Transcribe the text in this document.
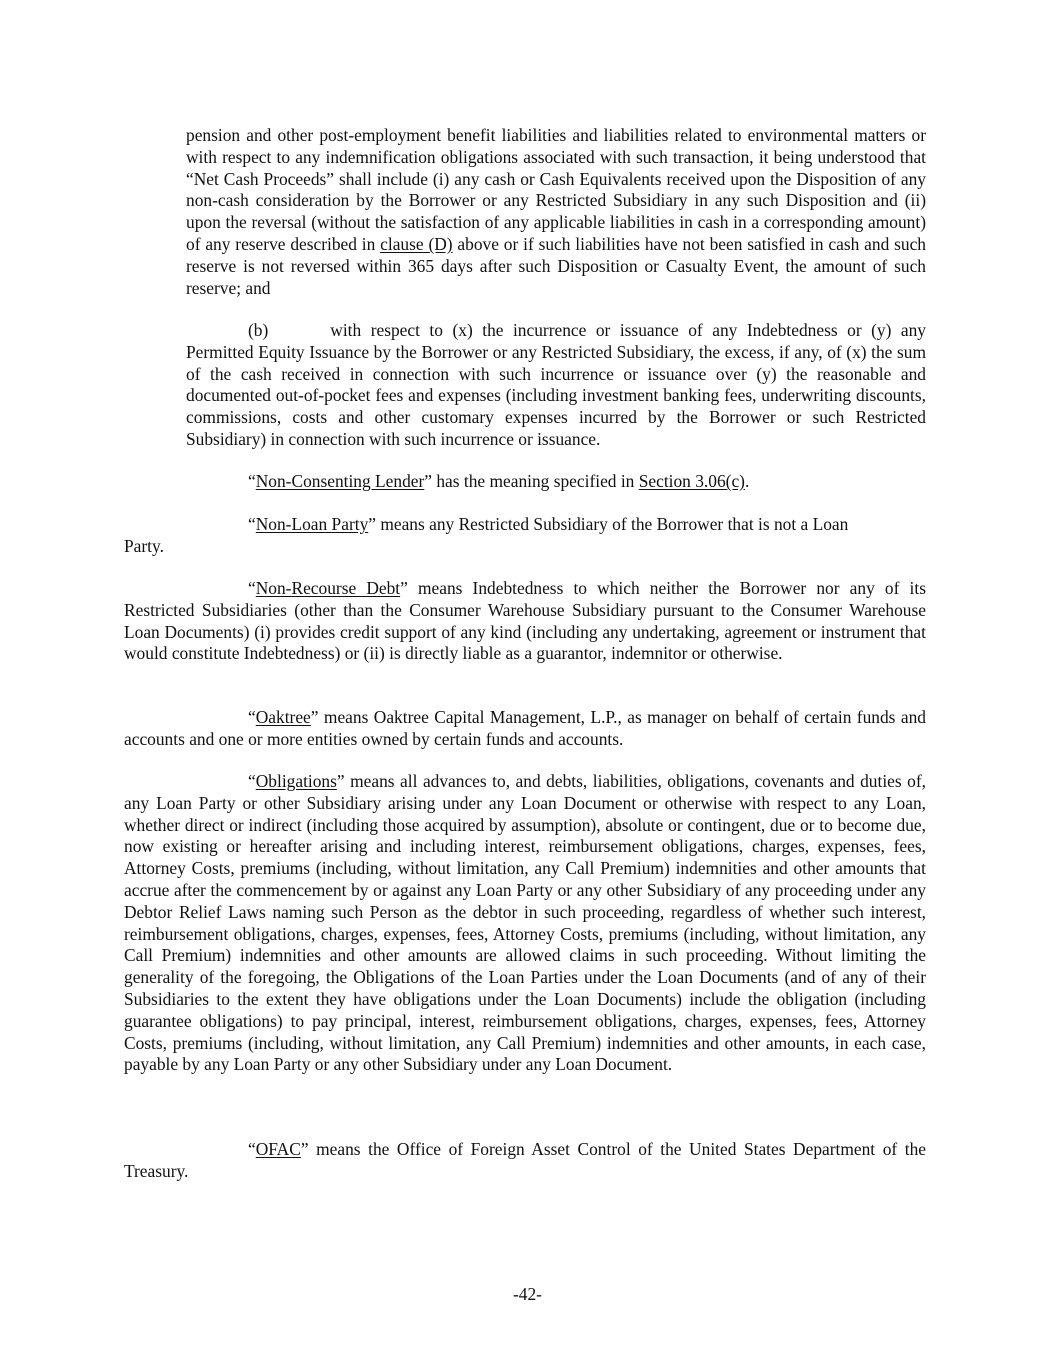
pension and other post-employment benefit liabilities and liabilities related to environmental matters or with respect to any indemnification obligations associated with such transaction, it being understood that “Net Cash Proceeds” shall include (i) any cash or Cash Equivalents received upon the Disposition of any non-cash consideration by the Borrower or any Restricted Subsidiary in any such Disposition and (ii) upon the reversal (without the satisfaction of any applicable liabilities in cash in a corresponding amount) of any reserve described in clause (D) above or if such liabilities have not been satisfied in cash and such reserve is not reversed within 365 days after such Disposition or Casualty Event, the amount of such reserve; and

(b)	with respect to (x) the incurrence or issuance of any Indebtedness or (y) any Permitted Equity Issuance by the Borrower or any Restricted Subsidiary, the excess, if any, of (x) the sum of the cash received in connection with such incurrence or issuance over (y) the reasonable and documented out-of-pocket fees and expenses (including investment banking fees, underwriting discounts, commissions, costs and other customary expenses incurred by the Borrower or such Restricted Subsidiary) in connection with such incurrence or issuance.

“Non-Consenting Lender” has the meaning specified in Section 3.06(c).

“Non-Loan Party” means any Restricted Subsidiary of the Borrower that is not a Loan

Party.

“Non-Recourse Debt” means Indebtedness to which neither the Borrower nor any of its Restricted Subsidiaries (other than the Consumer Warehouse Subsidiary pursuant to the Consumer Warehouse Loan Documents) (i) provides credit support of any kind (including any undertaking, agreement or instrument that would constitute Indebtedness) or (ii) is directly liable as a guarantor, indemnitor or otherwise.

“Oaktree” means Oaktree Capital Management, L.P., as manager on behalf of certain funds and accounts and one or more entities owned by certain funds and accounts.

“Obligations” means all advances to, and debts, liabilities, obligations, covenants and duties of, any Loan Party or other Subsidiary arising under any Loan Document or otherwise with respect to any Loan, whether direct or indirect (including those acquired by assumption), absolute or contingent, due or to become due, now existing or hereafter arising and including interest, reimbursement obligations, charges, expenses, fees, Attorney Costs, premiums (including, without limitation, any Call Premium) indemnities and other amounts that accrue after the commencement by or against any Loan Party or any other Subsidiary of any proceeding under any Debtor Relief Laws naming such Person as the debtor in such proceeding, regardless of whether such interest, reimbursement obligations, charges, expenses, fees, Attorney Costs, premiums (including, without limitation, any Call Premium) indemnities and other amounts are allowed claims in such proceeding. Without limiting the generality of the foregoing, the Obligations of the Loan Parties under the Loan Documents (and of any of their Subsidiaries to the extent they have obligations under the Loan Documents) include the obligation (including guarantee obligations) to pay principal, interest, reimbursement obligations, charges, expenses, fees, Attorney Costs, premiums (including, without limitation, any Call Premium) indemnities and other amounts, in each case, payable by any Loan Party or any other Subsidiary under any Loan Document.

“OFAC” means the Office of Foreign Asset Control of the United States Department of the Treasury.

-42-
